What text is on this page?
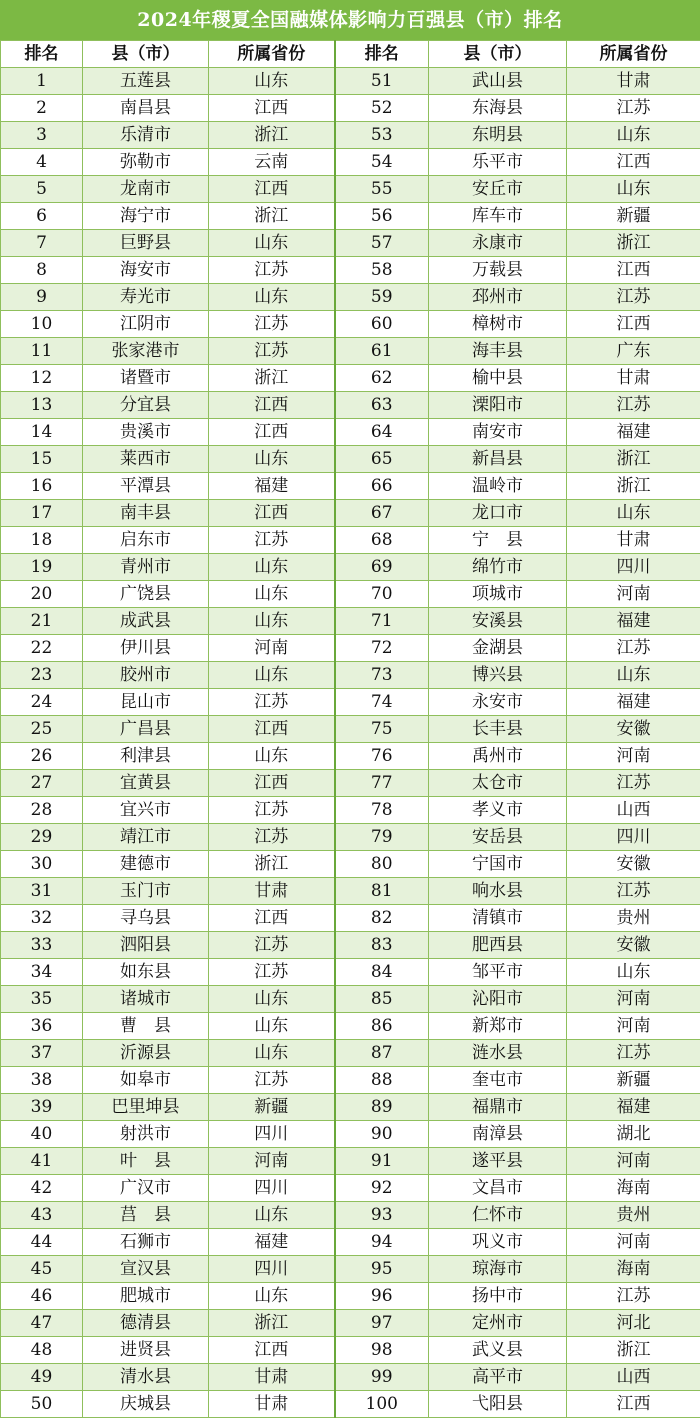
2024年稷夏全国融媒体影响力百强县（市）排名
排名	县（市）	所属省份	排名	县（市）	所属省份
1	五莲县	山东	51	武山县	甘肃
2	南昌县	江西	52	东海县	江苏
3	乐清市	浙江	53	东明县	山东
4	弥勒市	云南	54	乐平市	江西
5	龙南市	江西	55	安丘市	山东
6	海宁市	浙江	56	库车市	新疆
7	巨野县	山东	57	永康市	浙江
8	海安市	江苏	58	万载县	江西
9	寿光市	山东	59	邳州市	江苏
10	江阴市	江苏	60	樟树市	江西
11	张家港市	江苏	61	海丰县	广东
12	诸暨市	浙江	62	榆中县	甘肃
13	分宜县	江西	63	溧阳市	江苏
14	贵溪市	江西	64	南安市	福建
15	莱西市	山东	65	新昌县	浙江
16	平潭县	福建	66	温岭市	浙江
17	南丰县	江西	67	龙口市	山东
18	启东市	江苏	68	宁　县	甘肃
19	青州市	山东	69	绵竹市	四川
20	广饶县	山东	70	项城市	河南
21	成武县	山东	71	安溪县	福建
22	伊川县	河南	72	金湖县	江苏
23	胶州市	山东	73	博兴县	山东
24	昆山市	江苏	74	永安市	福建
25	广昌县	江西	75	长丰县	安徽
26	利津县	山东	76	禹州市	河南
27	宜黄县	江西	77	太仓市	江苏
28	宜兴市	江苏	78	孝义市	山西
29	靖江市	江苏	79	安岳县	四川
30	建德市	浙江	80	宁国市	安徽
31	玉门市	甘肃	81	响水县	江苏
32	寻乌县	江西	82	清镇市	贵州
33	泗阳县	江苏	83	肥西县	安徽
34	如东县	江苏	84	邹平市	山东
35	诸城市	山东	85	沁阳市	河南
36	曹　县	山东	86	新郑市	河南
37	沂源县	山东	87	涟水县	江苏
38	如皋市	江苏	88	奎屯市	新疆
39	巴里坤县	新疆	89	福鼎市	福建
40	射洪市	四川	90	南漳县	湖北
41	叶　县	河南	91	遂平县	河南
42	广汉市	四川	92	文昌市	海南
43	莒　县	山东	93	仁怀市	贵州
44	石狮市	福建	94	巩义市	河南
45	宣汉县	四川	95	琼海市	海南
46	肥城市	山东	96	扬中市	江苏
47	德清县	浙江	97	定州市	河北
48	进贤县	江西	98	武义县	浙江
49	清水县	甘肃	99	高平市	山西
50	庆城县	甘肃	100	弋阳县	江西
